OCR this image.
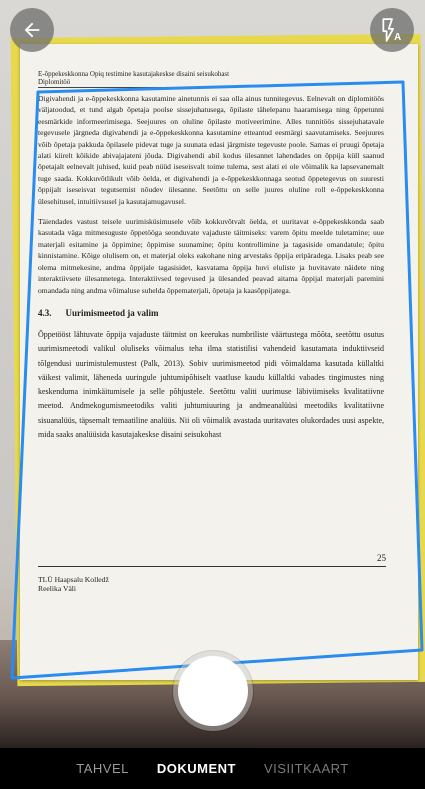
E-õppekeskkonna Opiq testimine kasutajakeskse disaini seisukohast
Diplomitöö

Digivahendi ja e-õppekeskkonna kasutamine ainetunnis ei saa olla ainus tunnitegevus. Eelnevalt on diplomitöös väljatoodud, et tund algab õpetaja poolse sissejuhatusega, õpilaste tähelepanu haaramisega ning õppetunni eesmärkide informeerimisega. Seejuures on oluline õpilaste motiveerimine. Alles tunnitöös sissejuhatavale tegevusele järgneda digivahendi ja e-õppekeskkonna kasutamine etteantud eesmärgi saavutamiseks. Seejuures võib õpetaja pakkuda õpilasele pidevat tuge ja suunata edasi järgmiste tegevuste poole. Samas ei pruugi õpetaja alati kiirelt kõikide abivajajateni jõuda. Digivahendi abil kodus ülesannet lahendades on õppija küll saanud õpetajalt eelnevalt juhised, kuid peab nüüd iseseisvalt toime tulema, sest alati ei ole võimalik ka lapsevanemalt tuge saada. Kokkuvõtlikult võib öelda, et digivahendi ja e-õppekeskkonnaga seotud õppetegevus on suuresti õppijalt iseseisvat tegutsemist nõudev ülesanne. Seetõttu on selle juures oluline roll e-õppekeskkonna ülesehitusel, intuitiivsusel ja kasutajamugavusel.

Täiendades vastust teisele uurimisküsimusele võib kokkuvõtvalt öelda, et uuritavat e-õppekeskkonda saab kasutada väga mitmesuguste õppetööga seonduvate vajaduste täitmiseks: varem õpitu meelde tuletamine; uue materjali esitamine ja õppimine; õppimise suunamine; õpitu kontrollimine ja tagasiside omandatule; õpitu kinnistamine. Kõige olulisem on, et materjal oleks eakohane ning arvestaks õppija eripäradega. Lisaks peab see olema mitmekesine, andma õppijale tagasisidet, kasvatama õppija huvi eluliste ja huvitavate näidete ning interaktiivsete ülesannetega. Interaktiivsed tegevused ja ülesanded peavad aitama õppijal materjali paremini omandada ning andma võimaluse suhelda õppematerjali, õpetaja ja kaasõppijatega.

4.3. Uurimismeetod ja valim

Õppetööst lähtuvate õppija vajaduste täitmist on keerukas numbriliste väärtustega mõõta, seetõttu osutus uurimismeetodi valikul oluliseks võimalus teha ilma statistilisi vahendeid kasutamata induktiivseid tõlgendusi uurimistulemustest (Palk, 2013). Sobiv uurimismeetod pidi võimaldama kasutada küllaltki väikest valimit, läheneda uuringule juhtumipõhiselt vaatluse kaudu küllaltki vabades tingimustes ning keskenduma inimkäitumisele ja selle põhjustele. Seetõttu valiti uurimuse läbiviimiseks kvalitatiivne meetod. Andmekogumismeetodiks valiti juhtumiuuring ja andmeanalüüsi meetodiks kvalitatiivne sisuanalüüs, täpsemalt temaatiline analüüs. Nii oli võimalik avastada uuritavates olukordades uusi aspekte, mida saaks analüüsida kasutajakeskse disaini seisukohast

25
TLÜ Haapsalu Kolledž
Reelika Väli
A
TAHVEL DOKUMENT VISIITKAART
